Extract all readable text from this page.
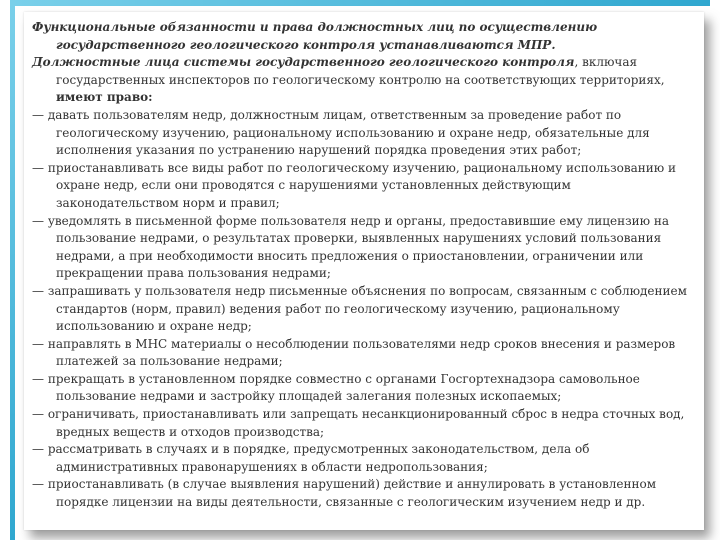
Функциональные обязанности и права должностных лиц по осуществлению государственного геологического контроля устанавливаются МПР.

Должностные лица системы государственного геологического контроля, включая государственных инспекторов по геологическому контролю на соответствующих территориях, имеют право:

— давать пользователям недр, должностным лицам, ответственным за проведение работ по геологическому изучению, рациональному использованию и охране недр, обязательные для исполнения указания по устранению нарушений порядка проведения этих работ;

— приостанавливать все виды работ по геологическому изучению, рациональному использованию и охране недр, если они проводятся с нарушениями установленных действующим законодательством норм и правил;

— уведомлять в письменной форме пользователя недр и органы, предоставившие ему лицензию на пользование недрами, о результатах проверки, выявленных нарушениях условий пользования недрами, а при необходимости вносить предложения о приостановлении, ограничении или прекращении права пользования недрами;

— запрашивать у пользователя недр письменные объяснения по вопросам, связанным с соблюдением стандартов (норм, правил) ведения работ по геологическому изучению, рациональному использованию и охране недр;

— направлять в МНС материалы о несоблюдении пользователями недр сроков внесения и размеров платежей за пользование недрами;

— прекращать в установленном порядке совместно с органами Госгортехнадзора самовольное пользование недрами и застройку площадей залегания полезных ископаемых;

— ограничивать, приостанавливать или запрещать несанкционированный сброс в недра сточных вод, вредных веществ и отходов производства;

— рассматривать в случаях и в порядке, предусмотренных законодательством, дела об административных правонарушениях в области недропользования;

— приостанавливать (в случае выявления нарушений) действие и аннулировать в установленном порядке лицензии на виды деятельности, связанные с геологическим изучением недр и др.
